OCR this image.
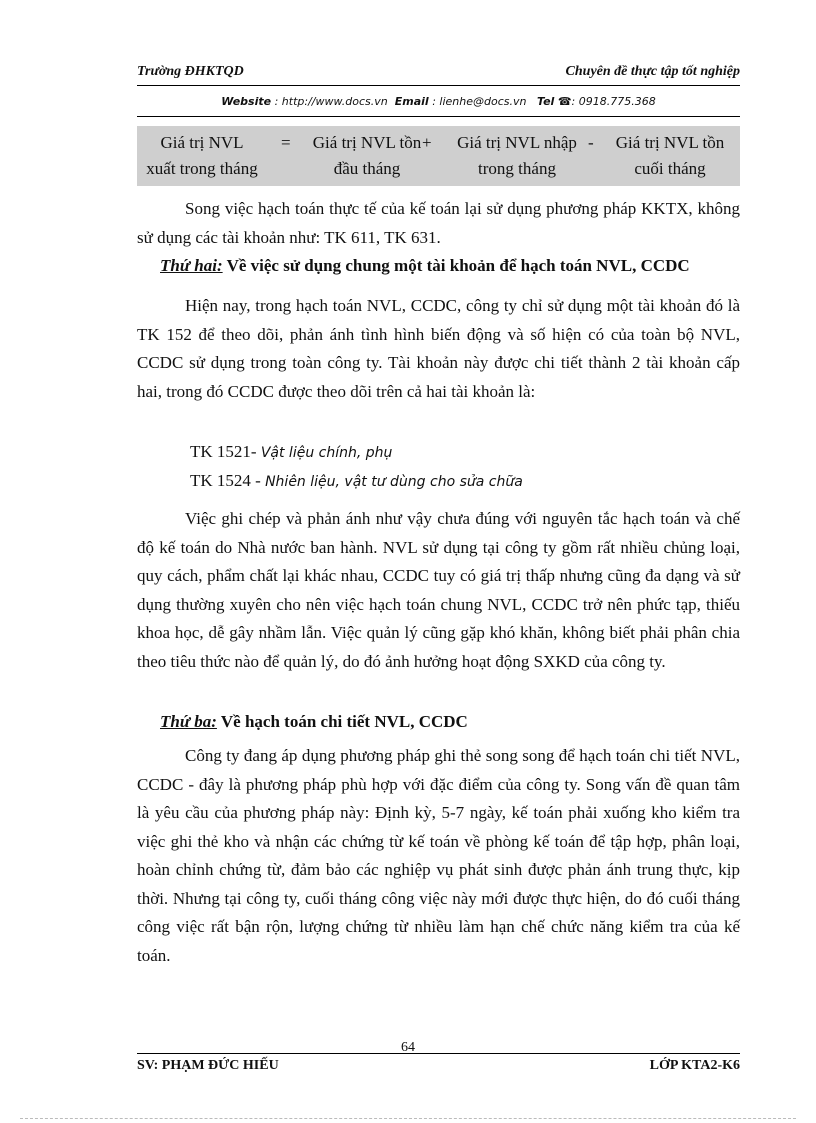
Trường ĐHKTQD	Chuyên đề thực tập tốt nghiệp
Website : http://www.docs.vn Email : lienhe@docs.vn Tel ☎: 0918.775.368
Giá trị NVL
xuất trong tháng
=	Giá trị NVL tồn
đầu tháng
+	Giá trị NVL nhập
trong tháng
-	Giá trị NVL tồn
cuối tháng
Song việc hạch toán thực tế của kế toán lại sử dụng phương pháp KKTX, không sử dụng các tài khoản như: TK 611, TK 631.
Thứ hai: Về việc sử dụng chung một tài khoản để hạch toán NVL, CCDC
Hiện nay, trong hạch toán NVL, CCDC, công ty chỉ sử dụng một tài khoản đó là TK 152 để theo dõi, phản ánh tình hình biến động và số hiện có của toàn bộ NVL, CCDC sử dụng trong toàn công ty. Tài khoản này được chi tiết thành 2 tài khoản cấp hai, trong đó CCDC được theo dõi trên cả hai tài khoản là:
TK 1521- Vật liệu chính, phụ
TK 1524 - Nhiên liệu, vật tư dùng cho sửa chữa
Việc ghi chép và phản ánh như vậy chưa đúng với nguyên tắc hạch toán và chế độ kế toán do Nhà nước ban hành. NVL sử dụng tại công ty gồm rất nhiều chủng loại, quy cách, phẩm chất lại khác nhau, CCDC tuy có giá trị thấp nhưng cũng đa dạng và sử dụng thường xuyên cho nên việc hạch toán chung NVL, CCDC trở nên phức tạp, thiếu khoa học, dễ gây nhầm lẫn. Việc quản lý cũng gặp khó khăn, không biết phải phân chia theo tiêu thức nào để quản lý, do đó ảnh hưởng hoạt động SXKD của công ty.
Thứ ba: Về hạch toán chi tiết NVL, CCDC
Công ty đang áp dụng phương pháp ghi thẻ song song để hạch toán chi tiết NVL, CCDC - đây là phương pháp phù hợp với đặc điểm của công ty. Song vấn đề quan tâm là yêu cầu của phương pháp này: Định kỳ, 5-7 ngày, kế toán phải xuống kho kiểm tra việc ghi thẻ kho và nhận các chứng từ kế toán về phòng kế toán để tập hợp, phân loại, hoàn chỉnh chứng từ, đảm bảo các nghiệp vụ phát sinh được phản ánh trung thực, kịp thời. Nhưng tại công ty, cuối tháng công việc này mới được thực hiện, do đó cuối tháng công việc rất bận rộn, lượng chứng từ nhiều làm hạn chế chức năng kiểm tra của kế toán.
64
SV: PHẠM ĐỨC HIẾU	LỚP KTA2-K6
